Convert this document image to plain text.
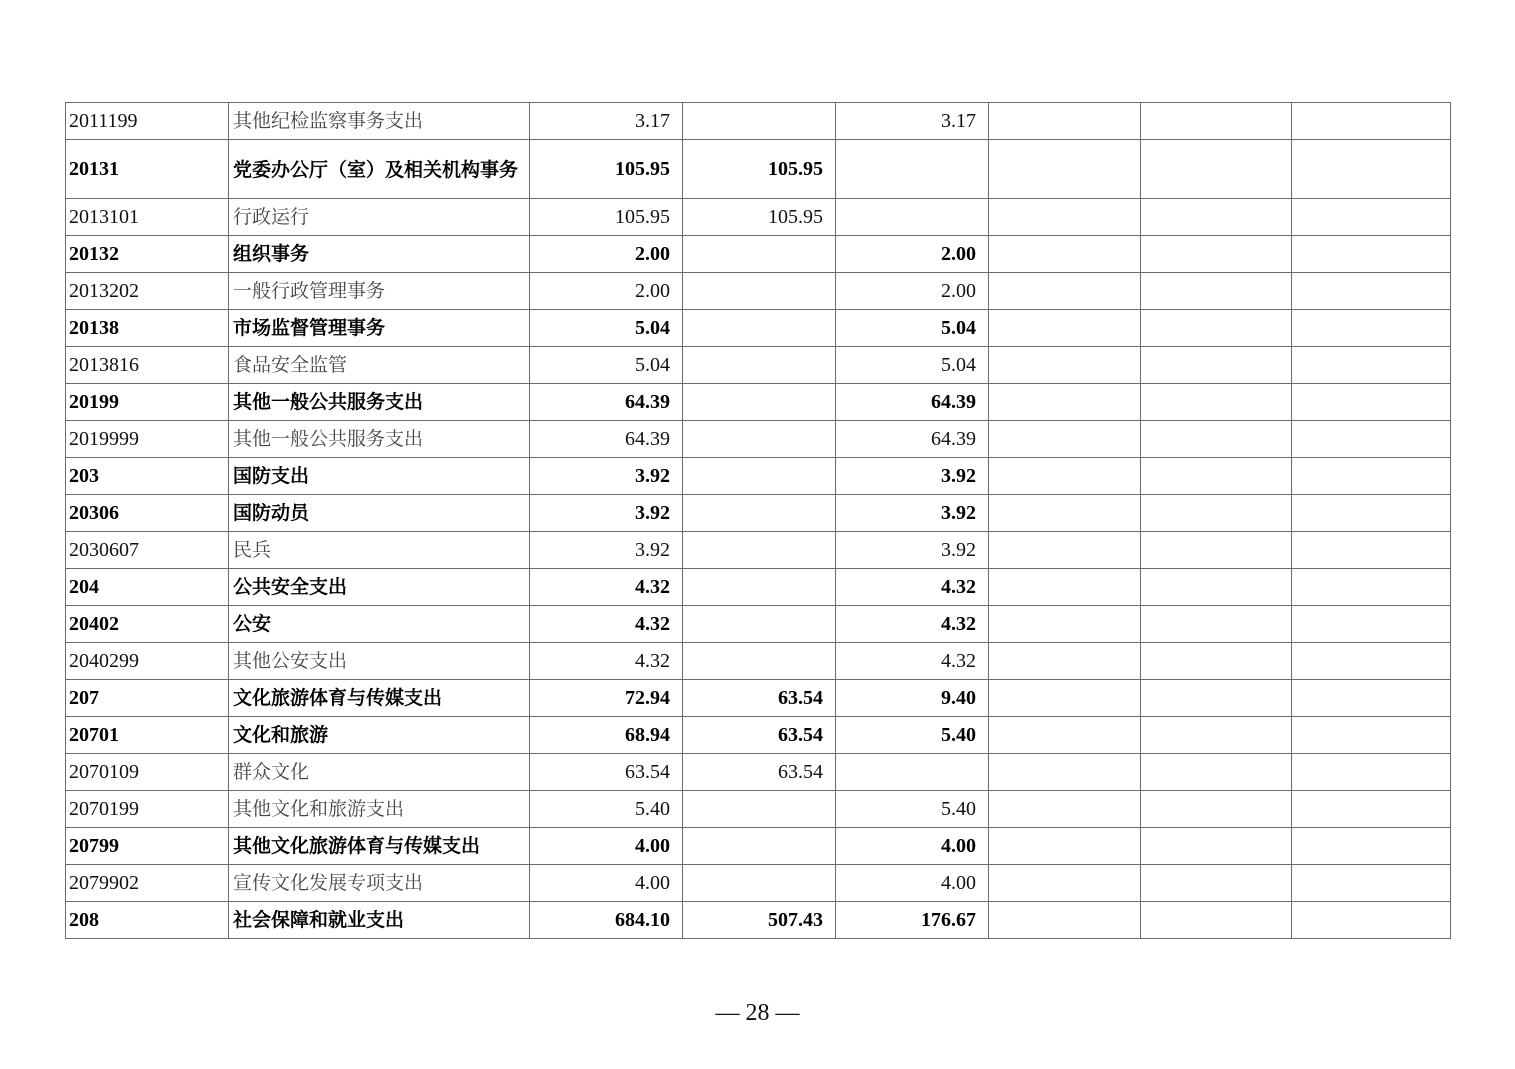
2011199	其他纪检监察事务支出	3.17		3.17			
20131	党委办公厅（室）及相关机构事务	105.95	105.95				
2013101	行政运行	105.95	105.95				
20132	组织事务	2.00		2.00			
2013202	一般行政管理事务	2.00		2.00			
20138	市场监督管理事务	5.04		5.04			
2013816	食品安全监管	5.04		5.04			
20199	其他一般公共服务支出	64.39		64.39			
2019999	其他一般公共服务支出	64.39		64.39			
203	国防支出	3.92		3.92			
20306	国防动员	3.92		3.92			
2030607	民兵	3.92		3.92			
204	公共安全支出	4.32		4.32			
20402	公安	4.32		4.32			
2040299	其他公安支出	4.32		4.32			
207	文化旅游体育与传媒支出	72.94	63.54	9.40			
20701	文化和旅游	68.94	63.54	5.40			
2070109	群众文化	63.54	63.54				
2070199	其他文化和旅游支出	5.40		5.40			
20799	其他文化旅游体育与传媒支出	4.00		4.00			
2079902	宣传文化发展专项支出	4.00		4.00			
208	社会保障和就业支出	684.10	507.43	176.67			
— 28 —
